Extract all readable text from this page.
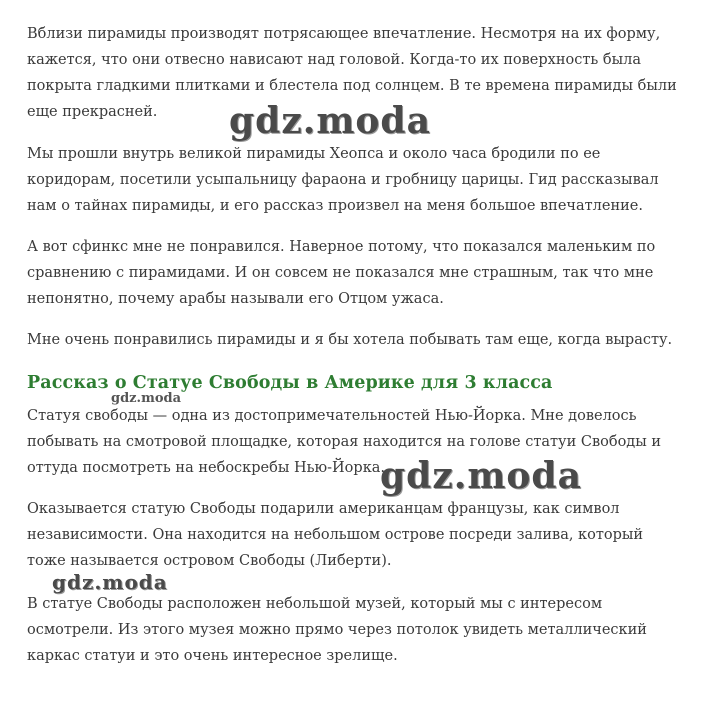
Вблизи пирамиды производят потрясающее впечатление. Несмотря на их форму, кажется, что они отвесно нависают над головой. Когда-то их поверхность была покрыта гладкими плитками и блестела под солнцем. В те времена пирамиды были еще прекрасней.

Мы прошли внутрь великой пирамиды Хеопса и около часа бродили по ее коридорам, посетили усыпальницу фараона и гробницу царицы. Гид рассказывал нам о тайнах пирамиды, и его рассказ произвел на меня большое впечатление.

А вот сфинкс мне не понравился. Наверное потому, что показался маленьким по сравнению с пирамидами. И он совсем не показался мне страшным, так что мне непонятно, почему арабы называли его Отцом ужаса.

Мне очень понравились пирамиды и я бы хотела побывать там еще, когда вырасту.

Рассказ о Статуе Свободы в Америке для 3 класса

Статуя свободы — одна из достопримечательностей Нью-Йорка. Мне довелось побывать на смотровой площадке, которая находится на голове статуи Свободы и оттуда посмотреть на небоскребы Нью-Йорка.

Оказывается статую Свободы подарили американцам французы, как символ независимости. Она находится на небольшом острове посреди залива, который тоже называется островом Свободы (Либерти).

В статуе Свободы расположен небольшой музей, который мы с интересом осмотрели. Из этого музея можно прямо через потолок увидеть металлический каркас статуи и это очень интересное зрелище.

gdz.moda
gdz.moda
gdz.moda
gdz.moda
